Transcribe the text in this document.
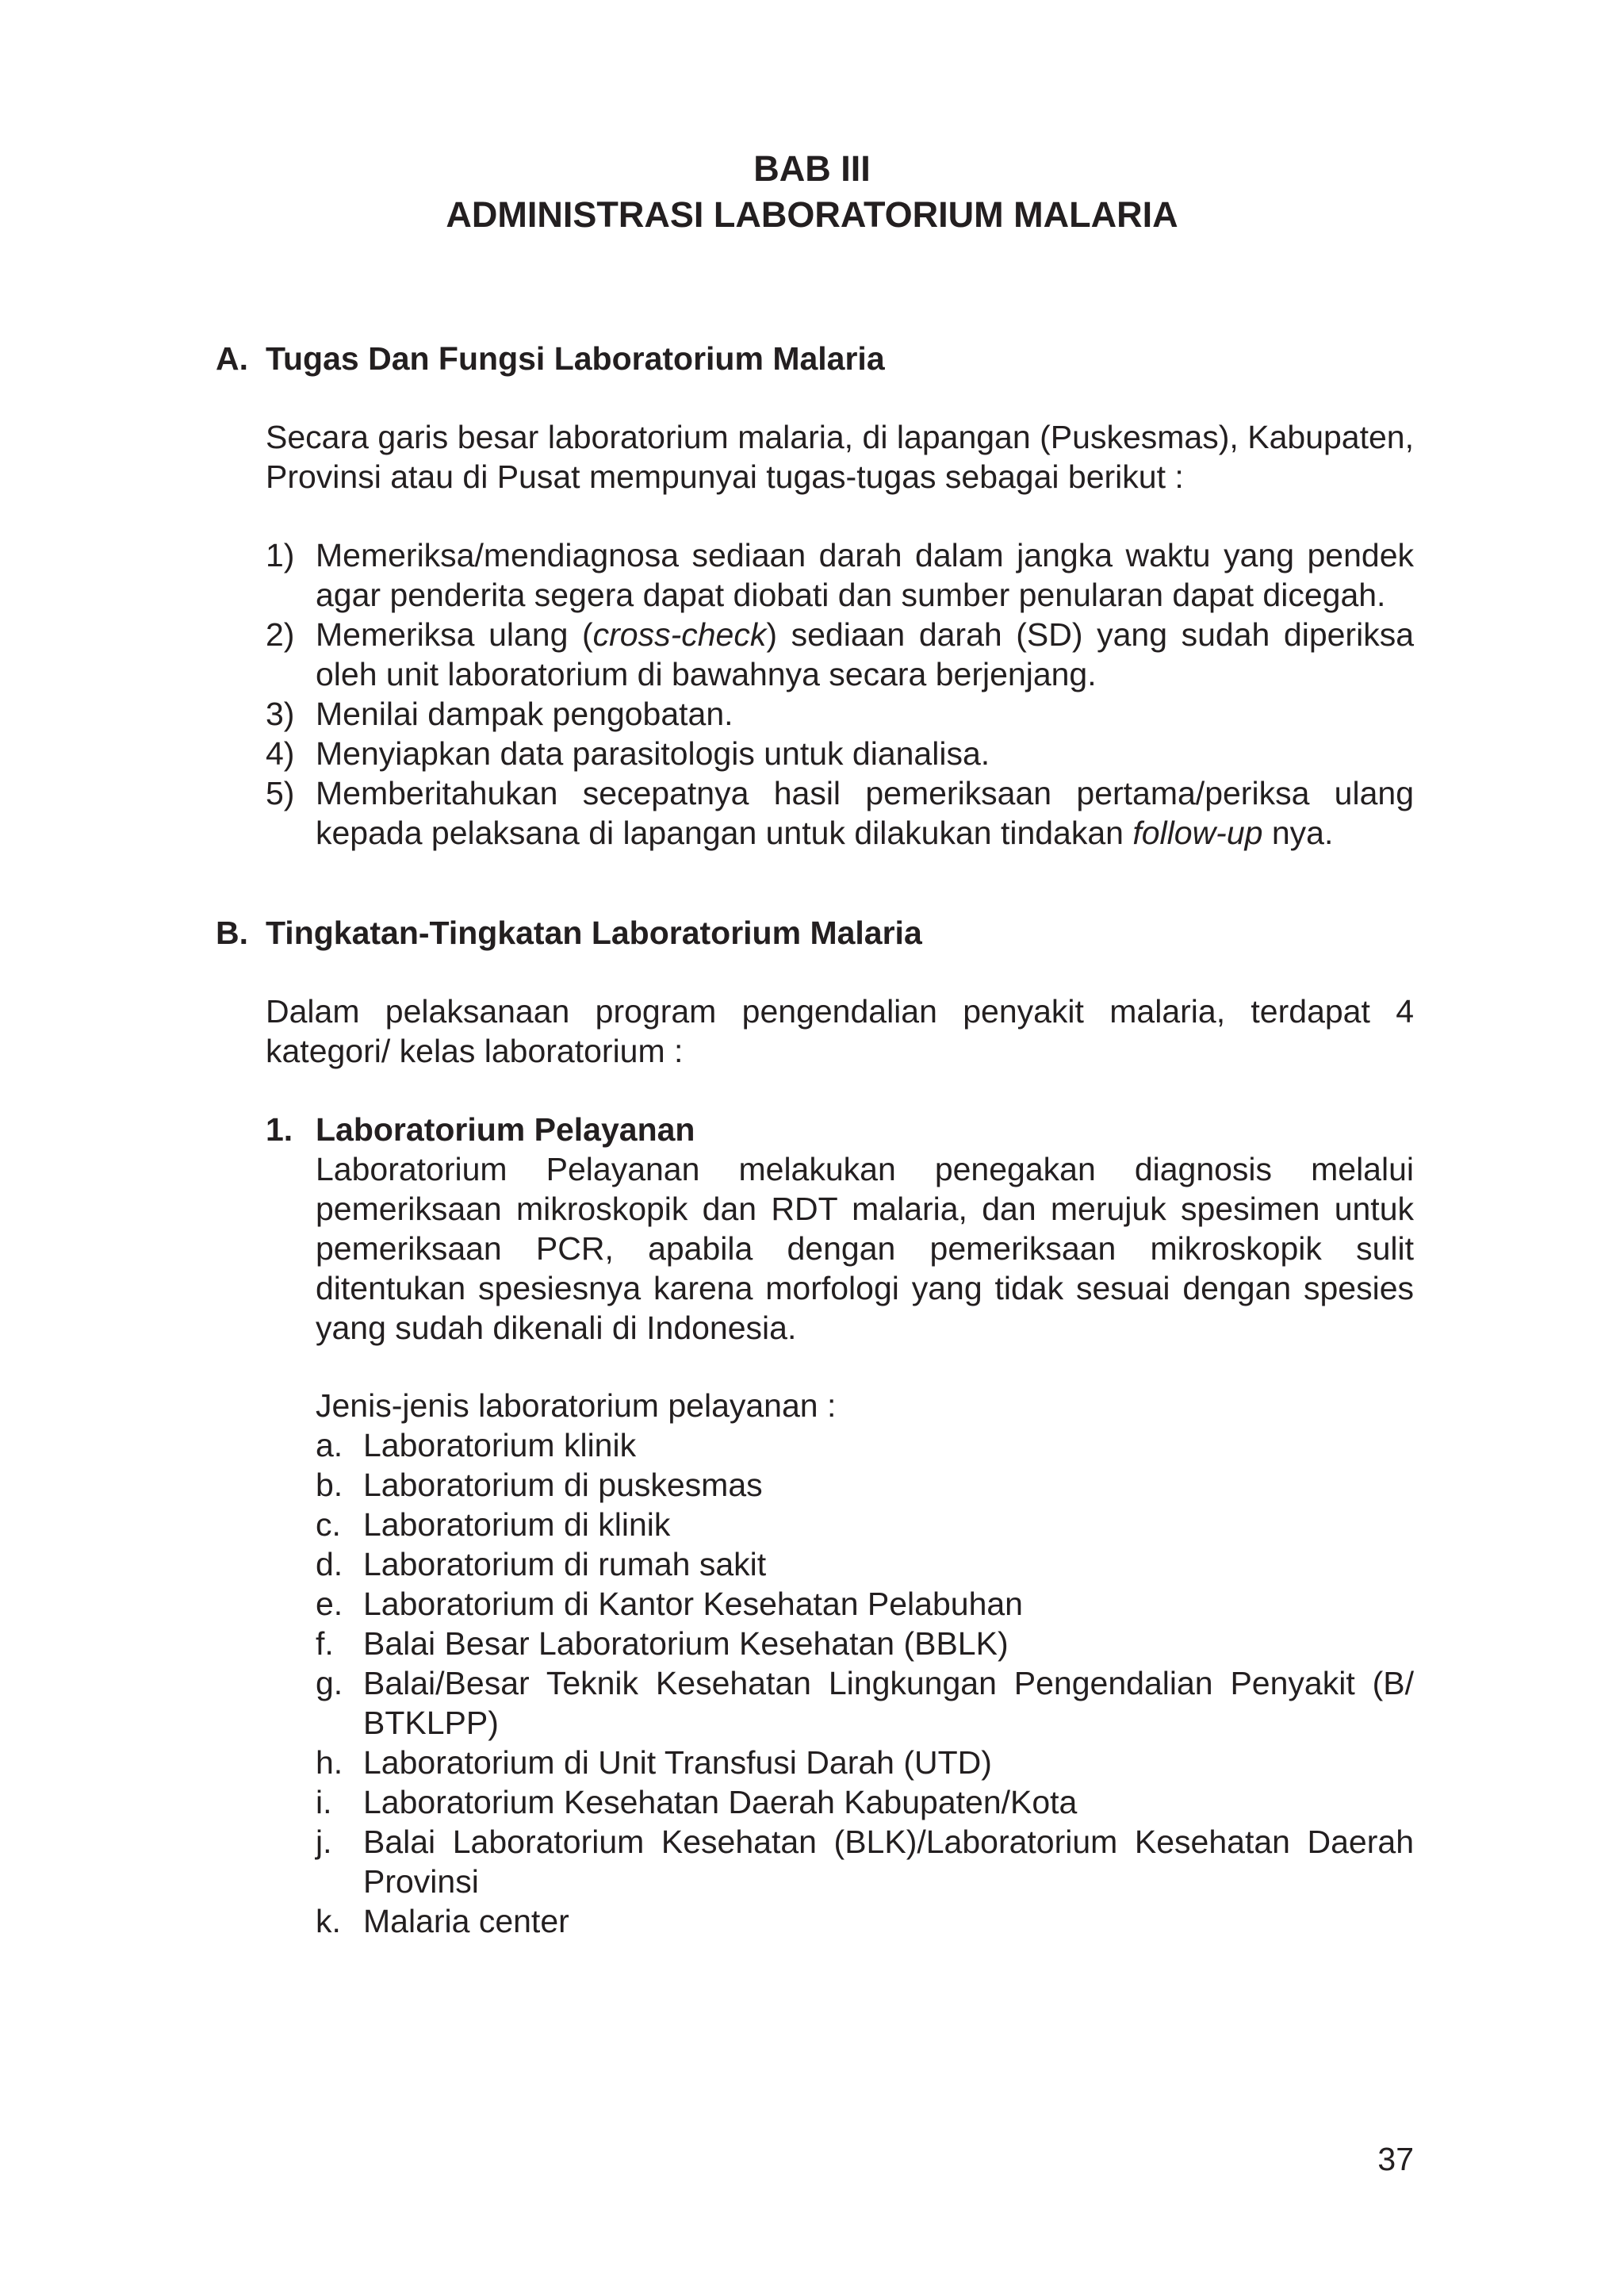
BAB III
ADMINISTRASI LABORATORIUM MALARIA
A. Tugas Dan Fungsi Laboratorium Malaria
Secara garis besar laboratorium malaria, di lapangan (Puskesmas), Kabupaten, Provinsi atau di Pusat mempunyai tugas-tugas sebagai berikut :
1) Memeriksa/mendiagnosa sediaan darah dalam jangka waktu yang pendek agar penderita segera dapat diobati dan sumber penularan dapat dicegah.
2) Memeriksa ulang (cross-check) sediaan darah (SD) yang sudah diperiksa oleh unit laboratorium di bawahnya secara berjenjang.
3) Menilai dampak pengobatan.
4) Menyiapkan data parasitologis untuk dianalisa.
5) Memberitahukan secepatnya hasil pemeriksaan pertama/periksa ulang kepada pelaksana di lapangan untuk dilakukan tindakan follow-up nya.
B. Tingkatan-Tingkatan Laboratorium Malaria
Dalam pelaksanaan program pengendalian penyakit malaria, terdapat 4 kategori/ kelas laboratorium :
1. Laboratorium Pelayanan
Laboratorium Pelayanan melakukan penegakan diagnosis melalui pemeriksaan mikroskopik dan RDT malaria, dan merujuk spesimen untuk pemeriksaan PCR, apabila dengan pemeriksaan mikroskopik sulit ditentukan spesiesnya karena morfologi yang tidak sesuai dengan spesies yang sudah dikenali di Indonesia.
Jenis-jenis laboratorium pelayanan :
a. Laboratorium klinik
b. Laboratorium di puskesmas
c. Laboratorium di klinik
d. Laboratorium di rumah sakit
e. Laboratorium di Kantor Kesehatan Pelabuhan
f. Balai Besar Laboratorium Kesehatan (BBLK)
g. Balai/Besar Teknik Kesehatan Lingkungan Pengendalian Penyakit (B/ BTKLPP)
h. Laboratorium di Unit Transfusi Darah (UTD)
i. Laboratorium Kesehatan Daerah Kabupaten/Kota
j. Balai Laboratorium Kesehatan (BLK)/Laboratorium Kesehatan Daerah Provinsi
k. Malaria center
37
